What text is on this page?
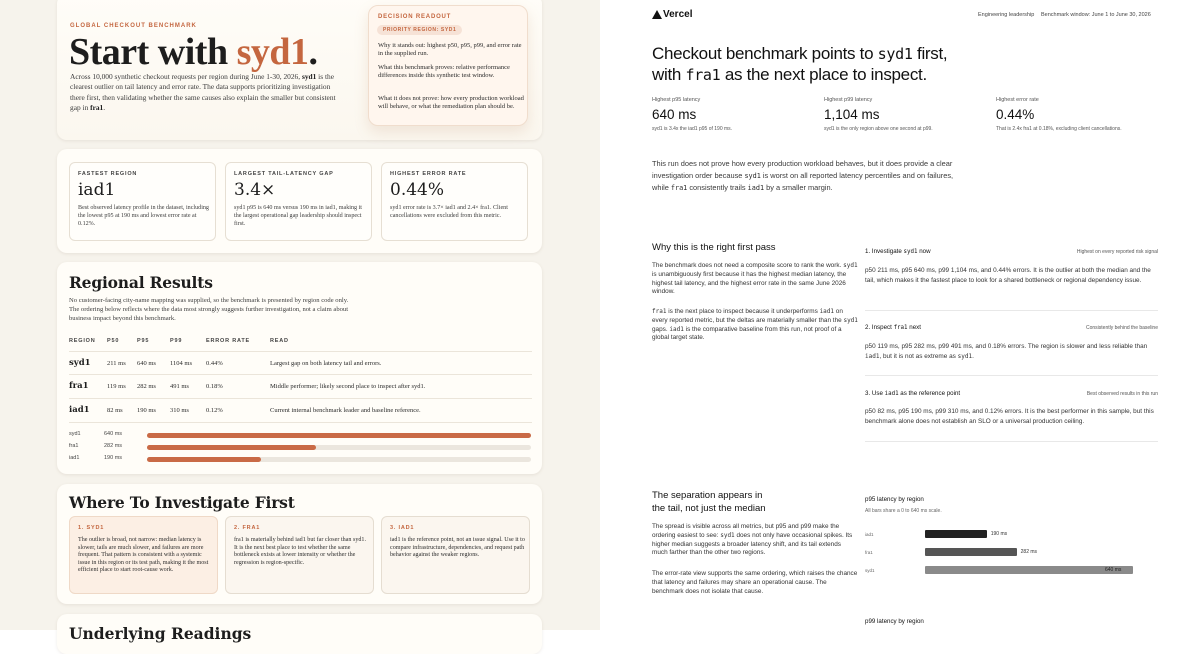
GLOBAL CHECKOUT BENCHMARK
Start with syd1.
Across 10,000 synthetic checkout requests per region during June 1-30, 2026, syd1 is the clearest outlier on tail latency and error rate. The data supports prioritizing investigation there first, then validating whether the same causes also explain the smaller but consistent gap in fra1.
DECISION READOUT
PRIORITY REGION: SYD1
Why it stands out: highest p50, p95, p99, and error rate in the supplied run.
What this benchmark proves: relative performance differences inside this synthetic test window.
What it does not prove: how every production workload will behave, or what the remediation plan should be.
FASTEST REGION
iad1
Best observed latency profile in the dataset, including the lowest p95 at 190 ms and lowest error rate at 0.12%.
LARGEST TAIL-LATENCY GAP
3.4×
syd1 p95 is 640 ms versus 190 ms in iad1, making it the largest operational gap leadership should inspect first.
HIGHEST ERROR RATE
0.44%
syd1 error rate is 3.7× iad1 and 2.4× fra1. Client cancellations were excluded from this metric.
Regional Results
No customer-facing city-name mapping was supplied, so the benchmark is presented by region code only. The ordering below reflects where the data most strongly suggests further investigation, not a claim about business impact beyond this benchmark.
REGION P50	P95	P99	ERROR RATE	READ
syd1	211 ms 640 ms 1104 ms 0.44%	Largest gap on both latency tail and errors.
fra1	119 ms 282 ms 491 ms	0.18%	Middle performer; likely second place to inspect after syd1.
iad1	82 ms 190 ms 310 ms	0.12%	Current internal benchmark leader and baseline reference.
syd1	640 ms
fra1	282 ms
iad1	190 ms
Where To Investigate First
1. SYD1
The outlier is broad, not narrow: median latency is slower, tails are much slower, and failures are more frequent. That pattern is consistent with a systemic issue in this region or its test path, making it the most efficient place to start root-cause work.
2. FRA1
fra1 is materially behind iad1 but far closer than syd1. It is the next best place to test whether the same bottleneck exists at lower intensity or whether the regression is region-specific.
3. IAD1
iad1 is the reference point, not an issue signal. Use it to compare infrastructure, dependencies, and request path behavior against the weaker regions.
Underlying Readings
Vercel	Engineering leadership Benchmark window: June 1 to June 30, 2026
Checkout benchmark points to syd1 first,
with fra1 as the next place to inspect.
Highest p95 latency
640 ms
syd1 is 3.4x the iad1 p95 of 190 ms.
Highest p99 latency
1,104 ms
syd1 is the only region above one second at p99.
Highest error rate
0.44%
That is 2.4x fra1 at 0.18%, excluding client cancellations.
This run does not prove how every production workload behaves, but it does provide a clear investigation order because syd1 is worst on all reported latency percentiles and on failures, while fra1 consistently trails iad1 by a smaller margin.
Why this is the right first pass
The benchmark does not need a composite score to rank the work. syd1 is unambiguously first because it has the highest median latency, the highest tail latency, and the highest error rate in the same June 2026 window.
fra1 is the next place to inspect because it underperforms iad1 on every reported metric, but the deltas are materially smaller than the syd1 gaps. iad1 is the comparative baseline from this run, not proof of a global target state.
1. Investigate syd1 now	Highest on every reported risk signal
p50 211 ms, p95 640 ms, p99 1,104 ms, and 0.44% errors. It is the outlier at both the median and the tail, which makes it the fastest place to look for a shared bottleneck or regional dependency issue.
2. Inspect fra1 next	Consistently behind the baseline
p50 119 ms, p95 282 ms, p99 491 ms, and 0.18% errors. The region is slower and less reliable than iad1, but it is not as extreme as syd1.
3. Use iad1 as the reference point	Best observed results in this run
p50 82 ms, p95 190 ms, p99 310 ms, and 0.12% errors. It is the best performer in this sample, but this benchmark alone does not establish an SLO or a universal production ceiling.
The separation appears in
the tail, not just the median
The spread is visible across all metrics, but p95 and p99 make the ordering easiest to see: syd1 does not only have occasional spikes. Its higher median suggests a broader latency shift, and its tail extends much farther than the other two regions.
The error-rate view supports the same ordering, which raises the chance that latency and failures may share an operational cause. The benchmark does not isolate that cause.
p95 latency by region
All bars share a 0 to 640 ms scale.
iad1	190 ms
fra1	282 ms
syd1	640 ms
p99 latency by region
